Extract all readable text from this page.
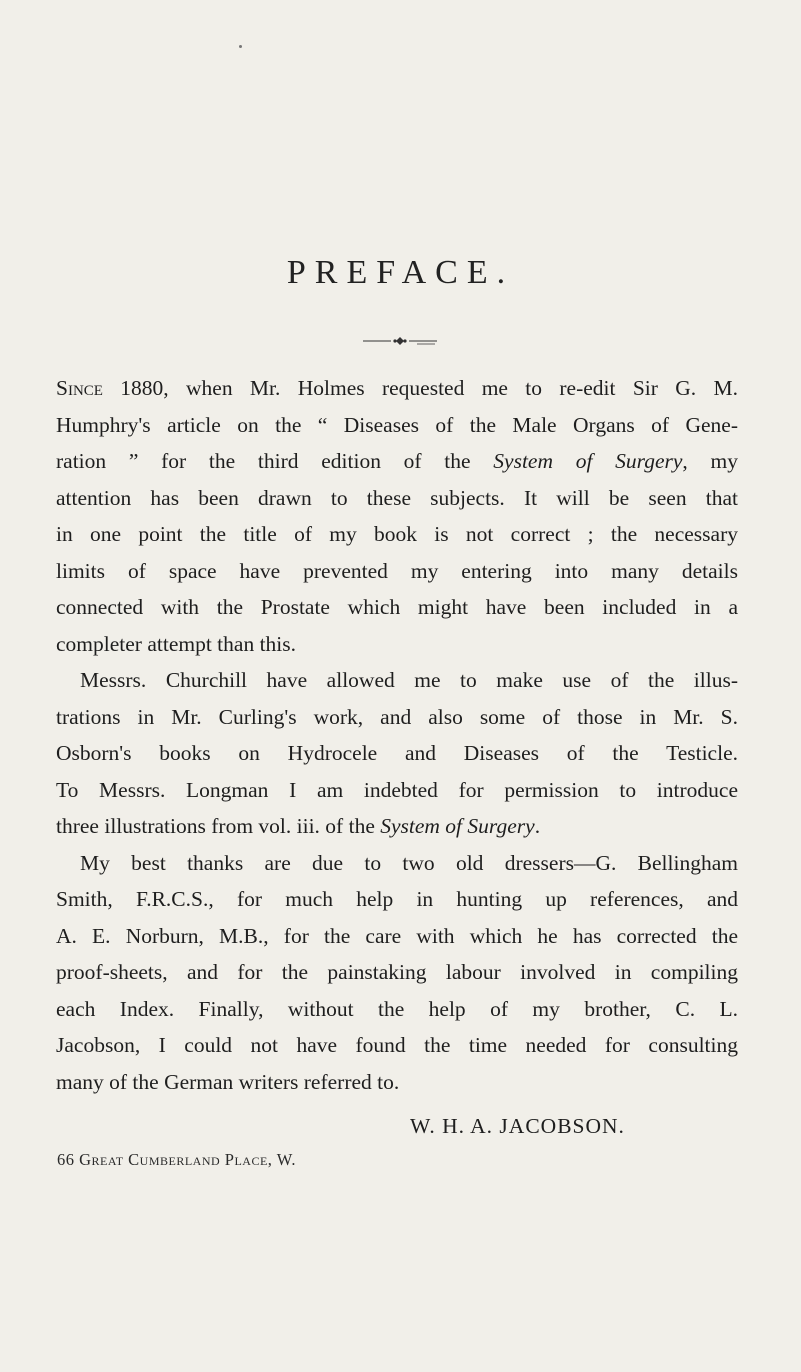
PREFACE.
Since 1880, when Mr. Holmes requested me to re-edit Sir G. M.
Humphry's article on the “ Diseases of the Male Organs of Gene-
ration ” for the third edition of the System of Surgery, my
attention has been drawn to these subjects. It will be seen that
in one point the title of my book is not correct ; the necessary
limits of space have prevented my entering into many details
connected with the Prostate which might have been included in a
completer attempt than this.
Messrs. Churchill have allowed me to make use of the illus-
trations in Mr. Curling's work, and also some of those in Mr. S.
Osborn's books on Hydrocele and Diseases of the Testicle.
To Messrs. Longman I am indebted for permission to introduce
three illustrations from vol. iii. of the System of Surgery.
My best thanks are due to two old dressers—G. Bellingham
Smith, F.R.C.S., for much help in hunting up references, and
A. E. Norburn, M.B., for the care with which he has corrected the
proof-sheets, and for the painstaking labour involved in compiling
each Index. Finally, without the help of my brother, C. L.
Jacobson, I could not have found the time needed for consulting
many of the German writers referred to.
W. H. A. JACOBSON.
66 Great Cumberland Place, W.
